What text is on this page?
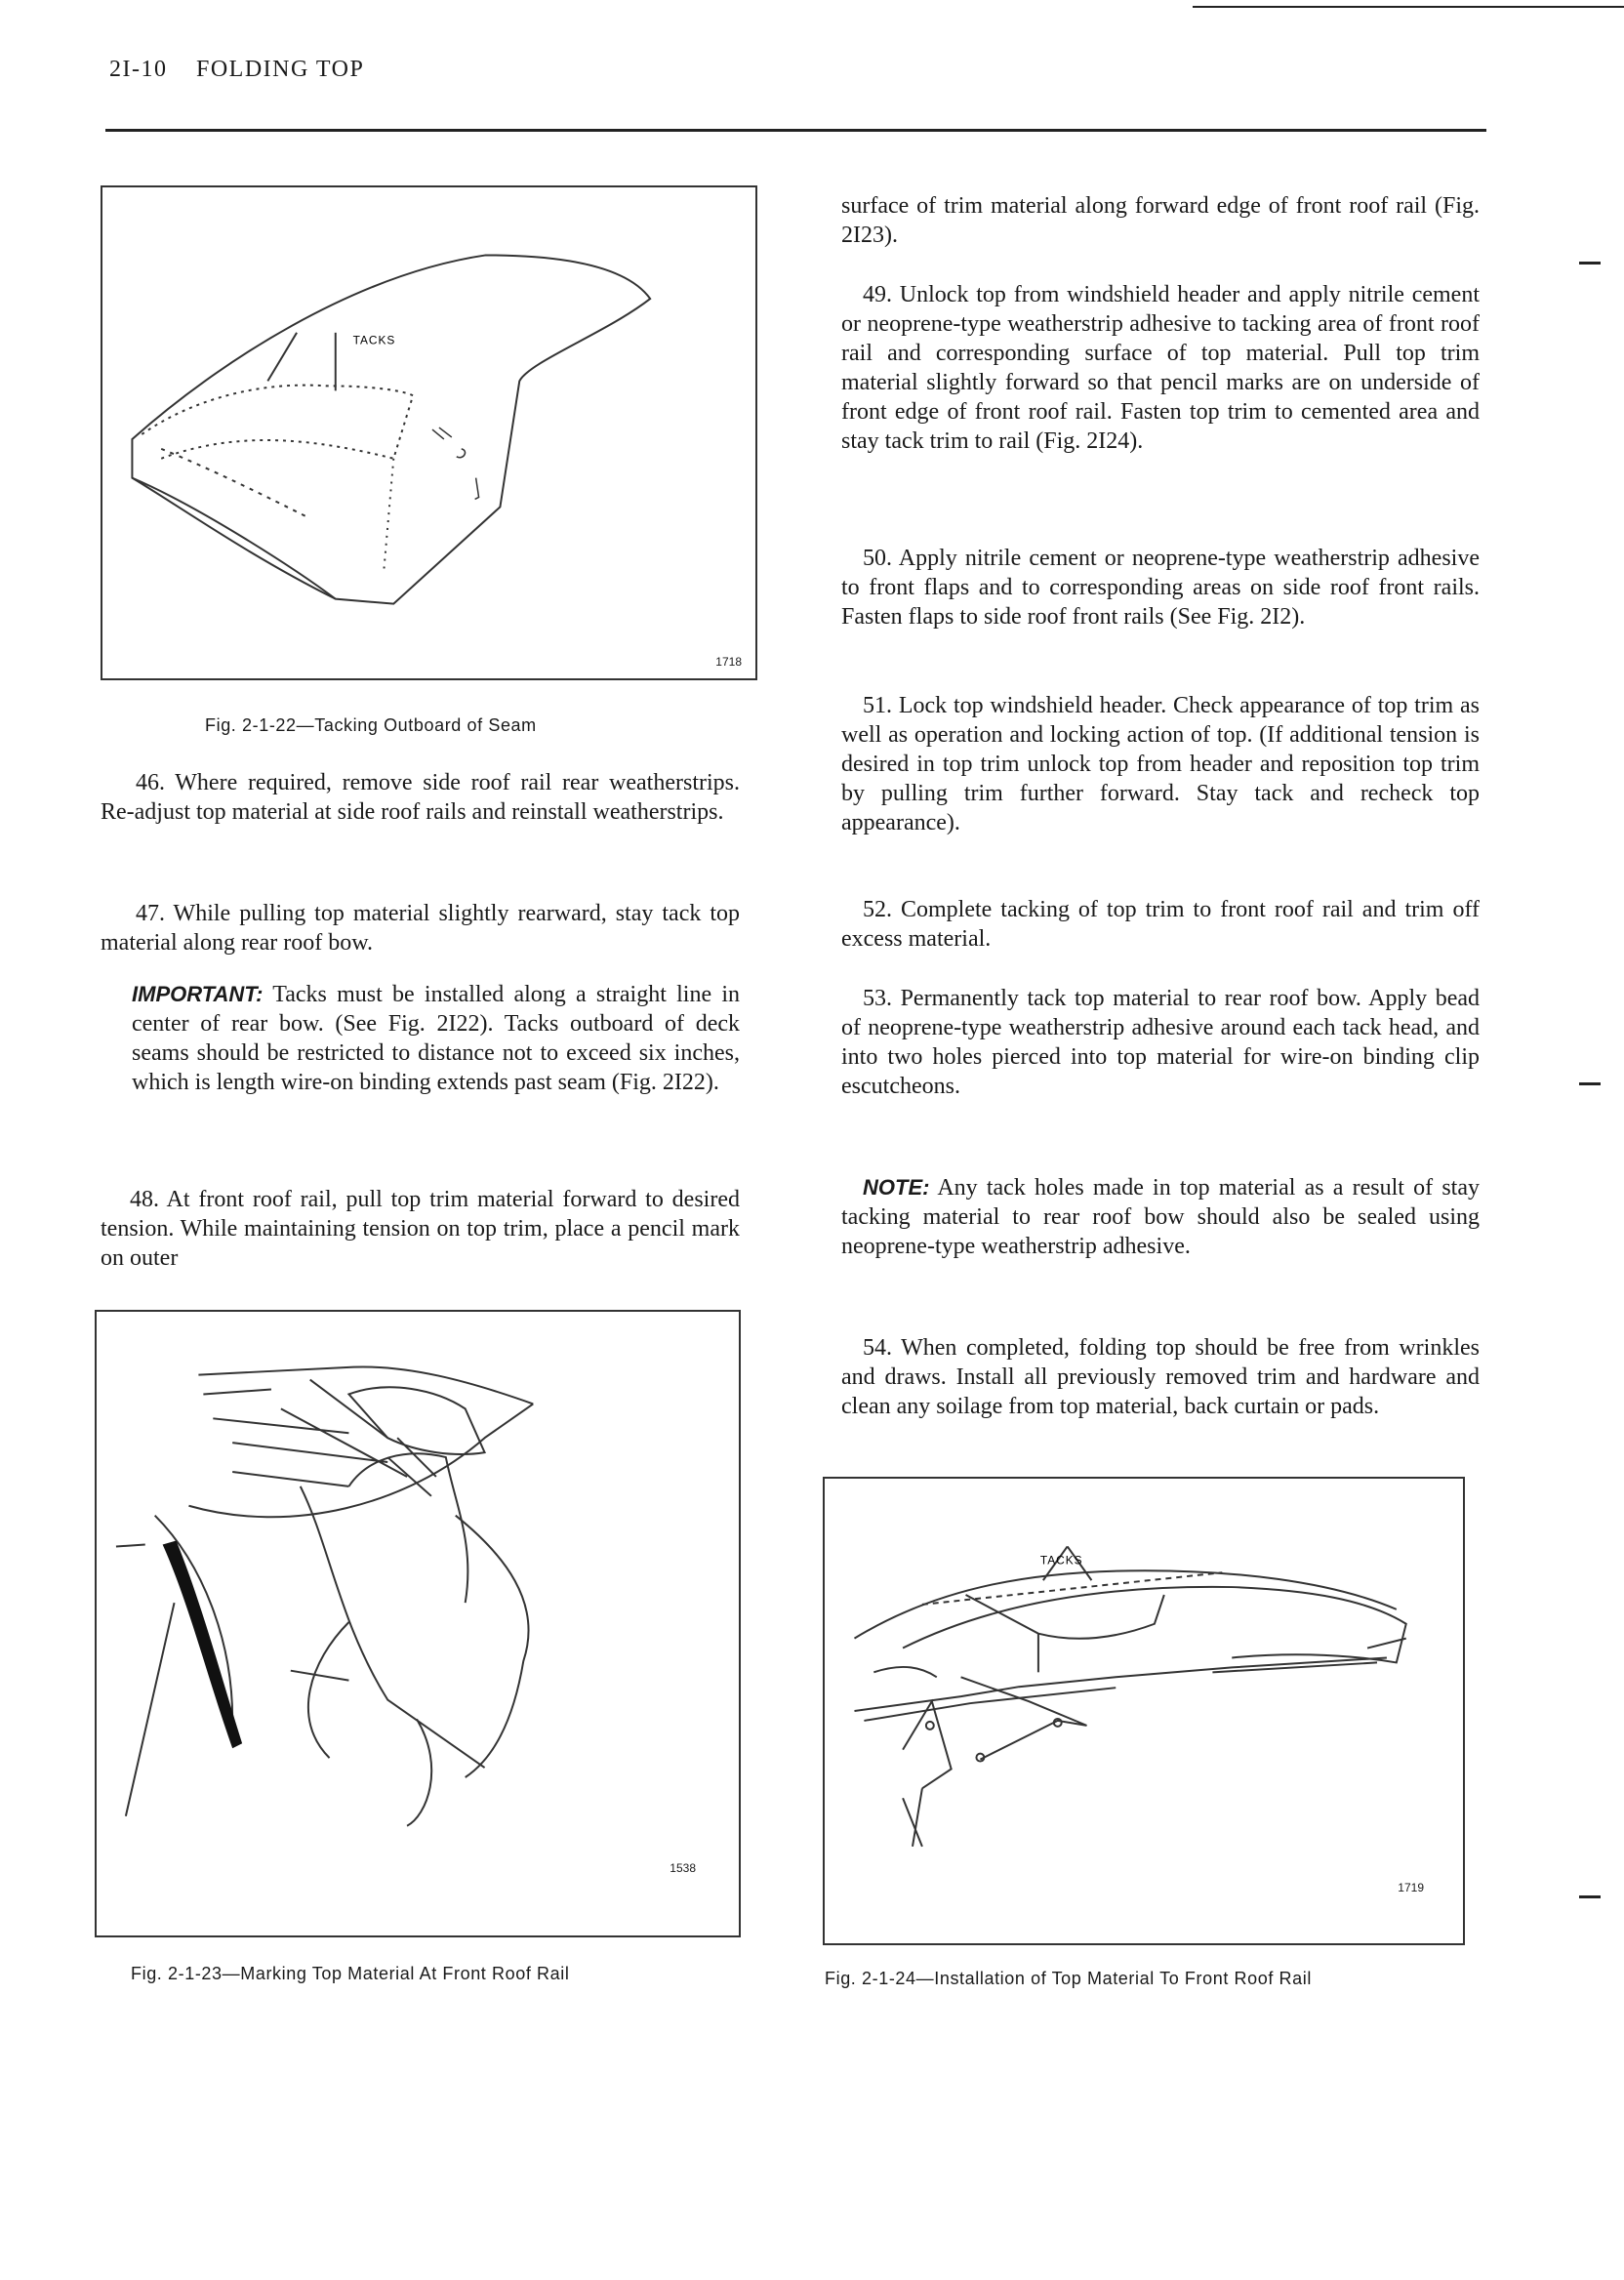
2I-10 FOLDING TOP
TACKS
1718
Fig. 2-1-22—Tacking Outboard of Seam
46. Where required, remove side roof rail rear weatherstrips. Re-adjust top material at side roof rails and reinstall weatherstrips.
47. While pulling top material slightly rearward, stay tack top material along rear roof bow.
IMPORTANT: Tacks must be installed along a straight line in center of rear bow. (See Fig. 2I22). Tacks outboard of deck seams should be restricted to distance not to exceed six inches, which is length wire-on binding extends past seam (Fig. 2I22).
48. At front roof rail, pull top trim material forward to desired tension. While maintaining tension on top trim, place a pencil mark on outer
1538
Fig. 2-1-23—Marking Top Material At Front Roof Rail
surface of trim material along forward edge of front roof rail (Fig. 2I23).
49. Unlock top from windshield header and apply nitrile cement or neoprene-type weatherstrip adhesive to tacking area of front roof rail and corresponding surface of top material. Pull top trim material slightly forward so that pencil marks are on underside of front edge of front roof rail. Fasten top trim to cemented area and stay tack trim to rail (Fig. 2I24).
50. Apply nitrile cement or neoprene-type weatherstrip adhesive to front flaps and to corresponding areas on side roof front rails. Fasten flaps to side roof front rails (See Fig. 2I2).
51. Lock top windshield header. Check appearance of top trim as well as operation and locking action of top. (If additional tension is desired in top trim unlock top from header and reposition top trim by pulling trim further forward. Stay tack and recheck top appearance).
52. Complete tacking of top trim to front roof rail and trim off excess material.
53. Permanently tack top material to rear roof bow. Apply bead of neoprene-type weatherstrip adhesive around each tack head, and into two holes pierced into top material for wire-on binding clip escutcheons.
NOTE: Any tack holes made in top material as a result of stay tacking material to rear roof bow should also be sealed using neoprene-type weatherstrip adhesive.
54. When completed, folding top should be free from wrinkles and draws. Install all previously removed trim and hardware and clean any soilage from top material, back curtain or pads.
TACKS
1719
Fig. 2-1-24—Installation of Top Material To Front Roof Rail
